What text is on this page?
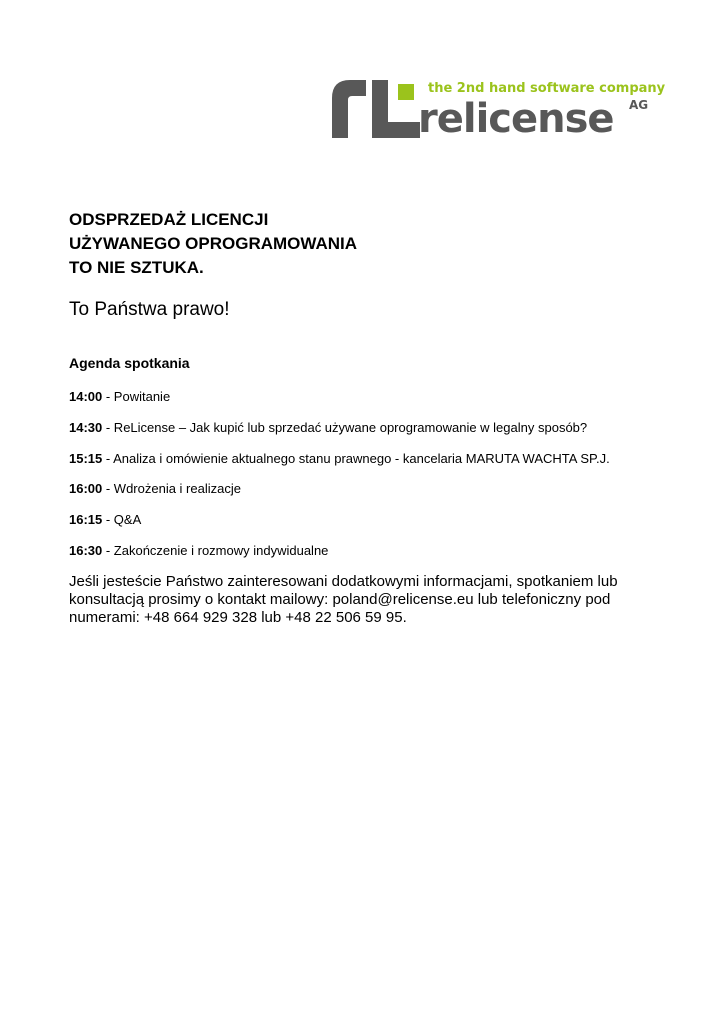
the 2nd hand software company
relicense AG
ODSPRZEDAŻ LICENCJI
UŻYWANEGO OPROGRAMOWANIA
TO NIE SZTUKA.

To Państwa prawo!

Agenda spotkania
14:00 - Powitanie
14:30 - ReLicense – Jak kupić lub sprzedać używane oprogramowanie w legalny sposób?
15:15 - Analiza i omówienie aktualnego stanu prawnego - kancelaria MARUTA WACHTA SP.J.
16:00 - Wdrożenia i realizacje
16:15 - Q&A
16:30 - Zakończenie i rozmowy indywidualne

Jeśli jesteście Państwo zainteresowani dodatkowymi informacjami, spotkaniem lub konsultacją prosimy o kontakt mailowy: poland@relicense.eu lub telefoniczny pod numerami: +48 664 929 328 lub +48 22 506 59 95.
